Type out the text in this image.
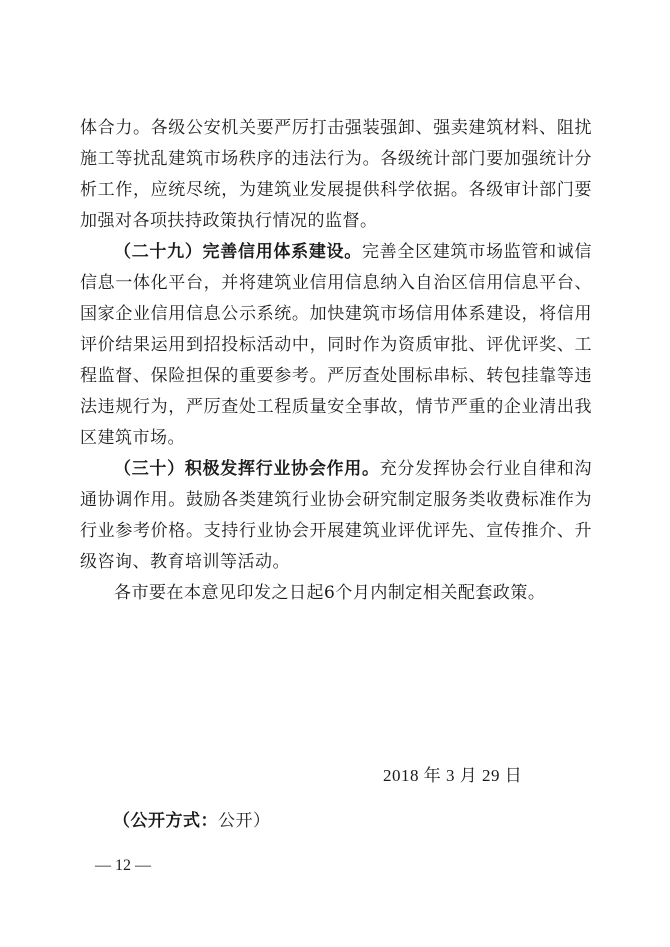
体合力。各级公安机关要严厉打击强装强卸、强卖建筑材料、阻扰施工等扰乱建筑市场秩序的违法行为。各级统计部门要加强统计分析工作，应统尽统，为建筑业发展提供科学依据。各级审计部门要加强对各项扶持政策执行情况的监督。

（二十九）完善信用体系建设。完善全区建筑市场监管和诚信信息一体化平台，并将建筑业信用信息纳入自治区信用信息平台、国家企业信用信息公示系统。加快建筑市场信用体系建设，将信用评价结果运用到招投标活动中，同时作为资质审批、评优评奖、工程监督、保险担保的重要参考。严厉查处围标串标、转包挂靠等违法违规行为，严厉查处工程质量安全事故，情节严重的企业清出我区建筑市场。

（三十）积极发挥行业协会作用。充分发挥协会行业自律和沟通协调作用。鼓励各类建筑行业协会研究制定服务类收费标准作为行业参考价格。支持行业协会开展建筑业评优评先、宣传推介、升级咨询、教育培训等活动。

各市要在本意见印发之日起6个月内制定相关配套政策。

2018 年 3 月 29 日
（公开方式：公开）
— 12 —
